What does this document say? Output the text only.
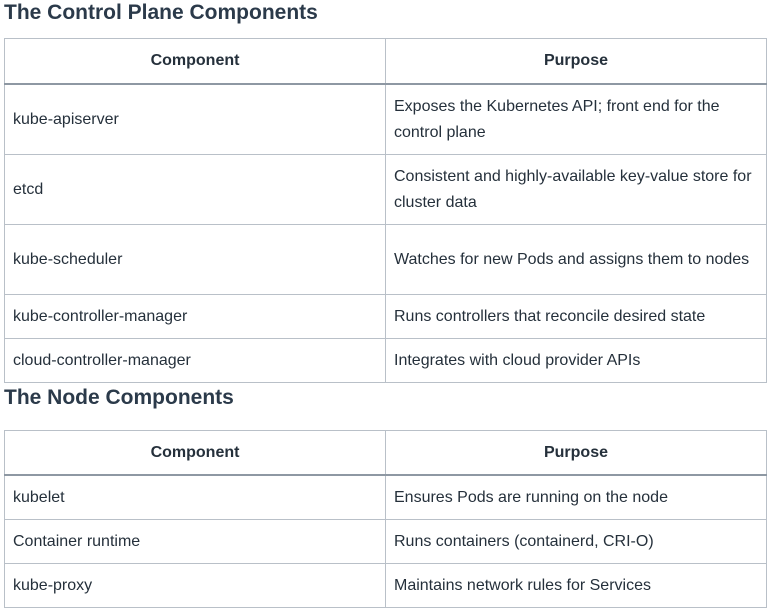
The Control Plane Components
Component	Purpose
kube-apiserver	Exposes the Kubernetes API; front end for the control plane
etcd	Consistent and highly-available key-value store for cluster data
kube-scheduler	Watches for new Pods and assigns them to nodes
kube-controller-manager	Runs controllers that reconcile desired state
cloud-controller-manager	Integrates with cloud provider APIs
The Node Components
Component	Purpose
kubelet	Ensures Pods are running on the node
Container runtime	Runs containers (containerd, CRI-O)
kube-proxy	Maintains network rules for Services
